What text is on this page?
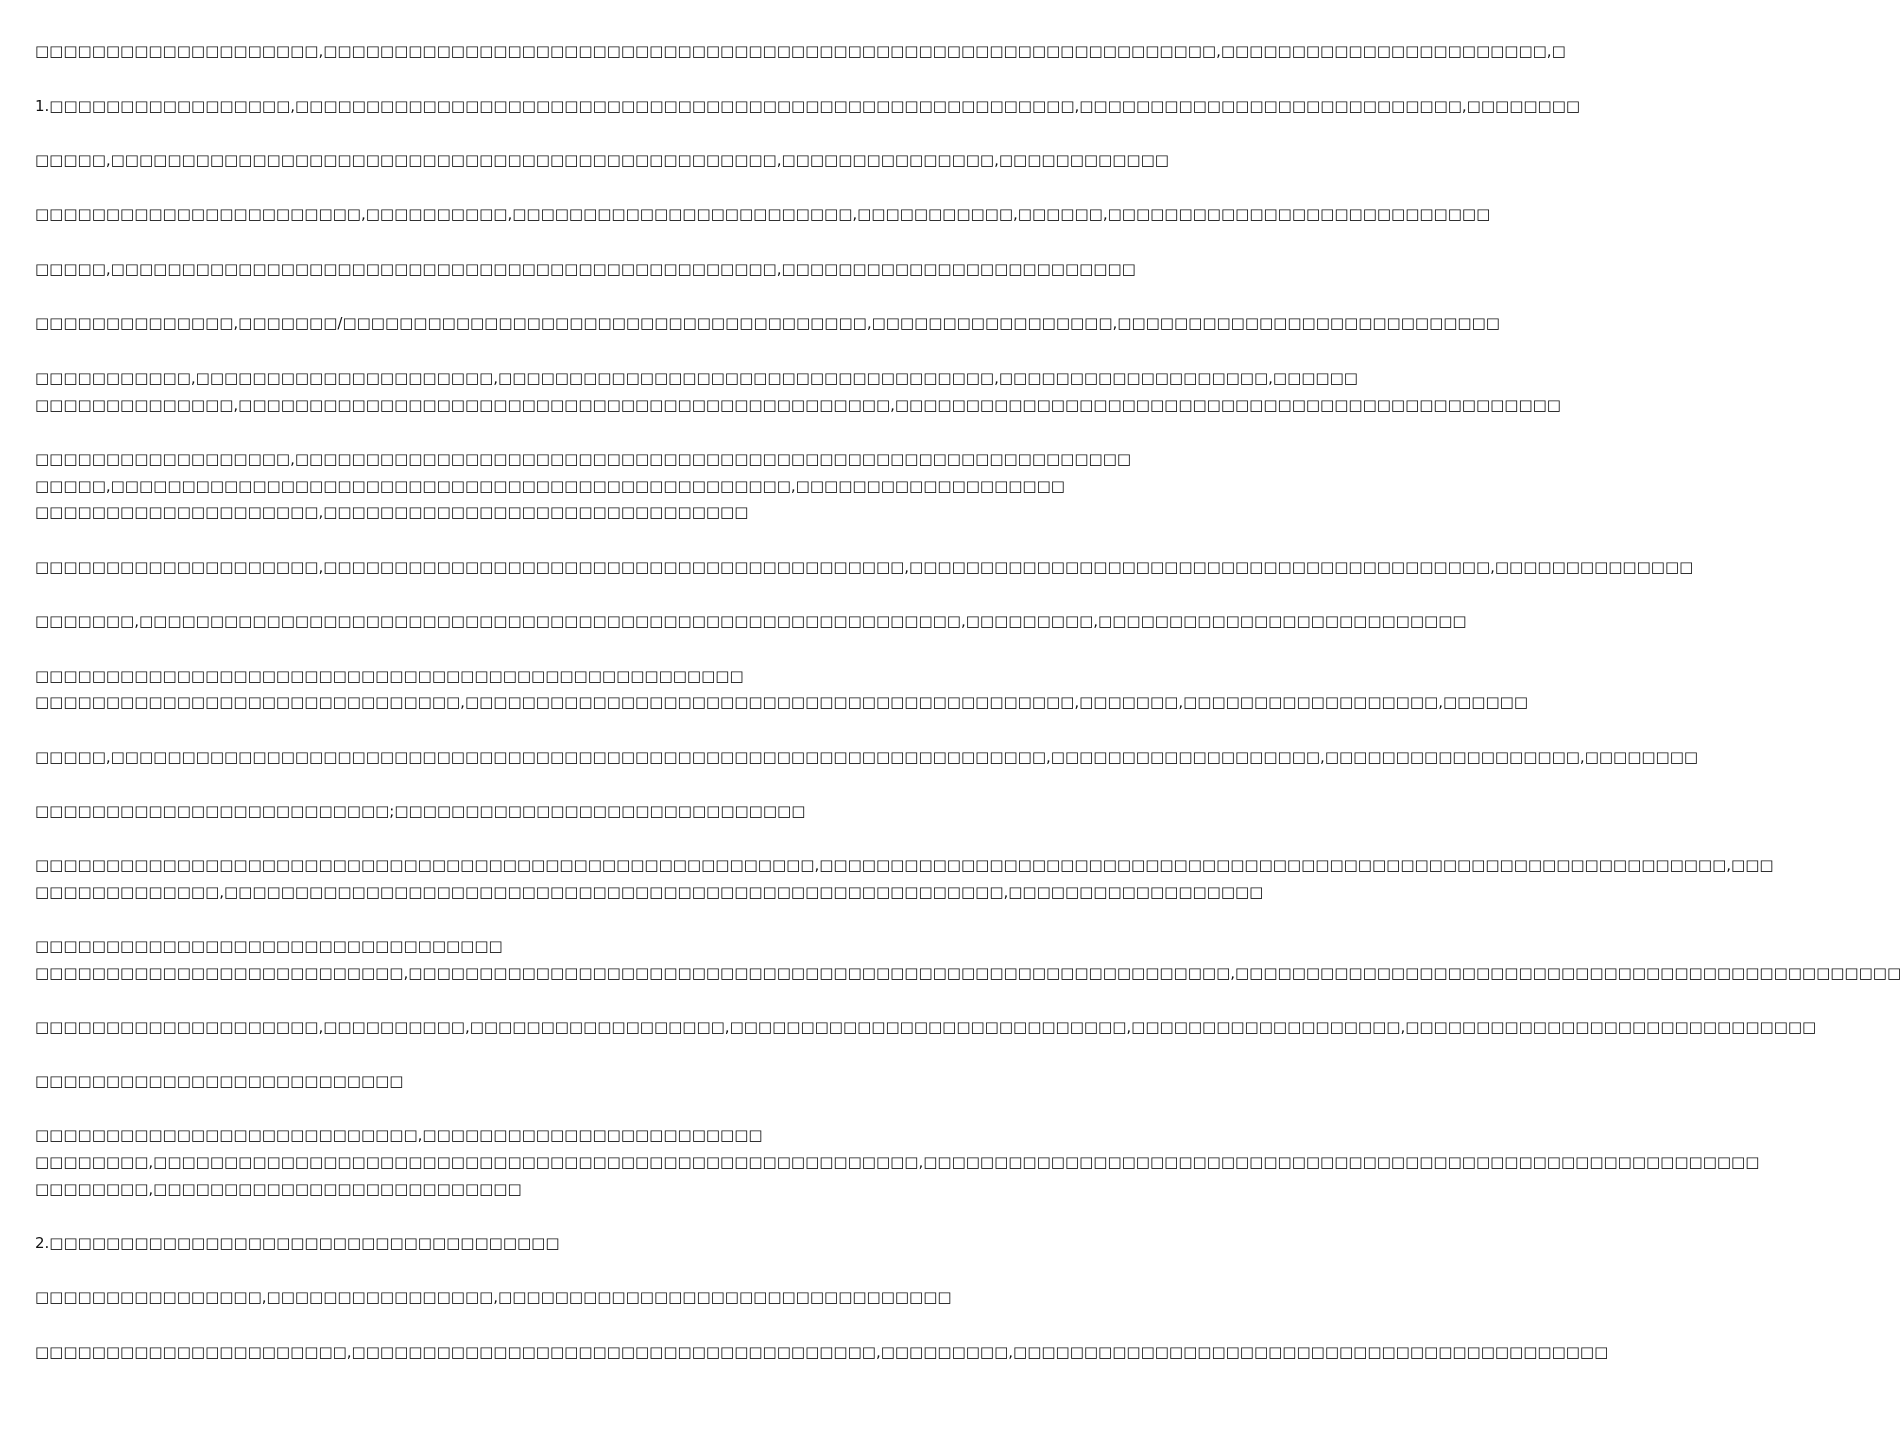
□□□□□□□□□□□□□□□□□□□□,□□□□□□□□□□□□□□□□□□□□□□□□□□□□□□□□□□□□□□□□□□□□□□□□□□□□□□□□□□□□□□□,□□□□□□□□□□□□□□□□□□□□□□□,□
1.□□□□□□□□□□□□□□□□□,□□□□□□□□□□□□□□□□□□□□□□□□□□□□□□□□□□□□□□□□□□□□□□□□□□□□□□□,□□□□□□□□□□□□□□□□□□□□□□□□□□□,□□□□□□□□
□□□□□,□□□□□□□□□□□□□□□□□□□□□□□□□□□□□□□□□□□□□□□□□□□□□□□,□□□□□□□□□□□□□□□,□□□□□□□□□□□□
□□□□□□□□□□□□□□□□□□□□□□□,□□□□□□□□□□,□□□□□□□□□□□□□□□□□□□□□□□□,□□□□□□□□□□□,□□□□□□,□□□□□□□□□□□□□□□□□□□□□□□□□□□
□□□□□,□□□□□□□□□□□□□□□□□□□□□□□□□□□□□□□□□□□□□□□□□□□□□□□,□□□□□□□□□□□□□□□□□□□□□□□□□
□□□□□□□□□□□□□□,□□□□□□□/□□□□□□□□□□□□□□□□□□□□□□□□□□□□□□□□□□□□□,□□□□□□□□□□□□□□□□□,□□□□□□□□□□□□□□□□□□□□□□□□□□□
□□□□□□□□□□□,□□□□□□□□□□□□□□□□□□□□□,□□□□□□□□□□□□□□□□□□□□□□□□□□□□□□□□□□□,□□□□□□□□□□□□□□□□□□□,□□□□□□
□□□□□□□□□□□□□□,□□□□□□□□□□□□□□□□□□□□□□□□□□□□□□□□□□□□□□□□□□□□□□,□□□□□□□□□□□□□□□□□□□□□□□□□□□□□□□□□□□□□□□□□□□□□□□
□□□□□□□□□□□□□□□□□□,□□□□□□□□□□□□□□□□□□□□□□□□□□□□□□□□□□□□□□□□□□□□□□□□□□□□□□□□□□□
□□□□□,□□□□□□□□□□□□□□□□□□□□□□□□□□□□□□□□□□□□□□□□□□□□□□□□,□□□□□□□□□□□□□□□□□□□
□□□□□□□□□□□□□□□□□□□□,□□□□□□□□□□□□□□□□□□□□□□□□□□□□□□
□□□□□□□□□□□□□□□□□□□□,□□□□□□□□□□□□□□□□□□□□□□□□□□□□□□□□□□□□□□□□□,□□□□□□□□□□□□□□□□□□□□□□□□□□□□□□□□□□□□□□□□□,□□□□□□□□□□□□□□
□□□□□□□,□□□□□□□□□□□□□□□□□□□□□□□□□□□□□□□□□□□□□□□□□□□□□□□□□□□□□□□□□□,□□□□□□□□□,□□□□□□□□□□□□□□□□□□□□□□□□□□
□□□□□□□□□□□□□□□□□□□□□□□□□□□□□□□□□□□□□□□□□□□□□□□□□□
□□□□□□□□□□□□□□□□□□□□□□□□□□□□□□,□□□□□□□□□□□□□□□□□□□□□□□□□□□□□□□□□□□□□□□□□□□,□□□□□□□,□□□□□□□□□□□□□□□□□□,□□□□□□
□□□□□,□□□□□□□□□□□□□□□□□□□□□□□□□□□□□□□□□□□□□□□□□□□□□□□□□□□□□□□□□□□□□□□□□□,□□□□□□□□□□□□□□□□□□□,□□□□□□□□□□□□□□□□□□,□□□□□□□□
□□□□□□□□□□□□□□□□□□□□□□□□□;□□□□□□□□□□□□□□□□□□□□□□□□□□□□□
□□□□□□□□□□□□□□□□□□□□□□□□□□□□□□□□□□□□□□□□□□□□□□□□□□□□□□□,□□□□□□□□□□□□□□□□□□□□□□□□□□□□□□□□□□□□□□□□□□□□□□□□□□□□□□□□□□□□□□□□,□□□
□□□□□□□□□□□□□,□□□□□□□□□□□□□□□□□□□□□□□□□□□□□□□□□□□□□□□□□□□□□□□□□□□□□□□,□□□□□□□□□□□□□□□□□□
□□□□□□□□□□□□□□□□□□□□□□□□□□□□□□□□□
□□□□□□□□□□□□□□□□□□□□□□□□□□,□□□□□□□□□□□□□□□□□□□□□□□□□□□□□□□□□□□□□□□□□□□□□□□□□□□□□□□□□□,□□□□□□□□□□□□□□□□□□□□□□□□□□□□□□□□□□□□□□□□□□□□□□□
□□□□□□□□□□□□□□□□□□□□,□□□□□□□□□□,□□□□□□□□□□□□□□□□□□,□□□□□□□□□□□□□□□□□□□□□□□□□□□□,□□□□□□□□□□□□□□□□□□□,□□□□□□□□□□□□□□□□□□□□□□□□□□□□□
□□□□□□□□□□□□□□□□□□□□□□□□□□
□□□□□□□□□□□□□□□□□□□□□□□□□□□,□□□□□□□□□□□□□□□□□□□□□□□□
□□□□□□□□,□□□□□□□□□□□□□□□□□□□□□□□□□□□□□□□□□□□□□□□□□□□□□□□□□□□□□□,□□□□□□□□□□□□□□□□□□□□□□□□□□□□□□□□□□□□□□□□□□□□□□□□□□□□□□□□□□□
□□□□□□□□,□□□□□□□□□□□□□□□□□□□□□□□□□□
2.□□□□□□□□□□□□□□□□□□□□□□□□□□□□□□□□□□□□
□□□□□□□□□□□□□□□□,□□□□□□□□□□□□□□□□,□□□□□□□□□□□□□□□□□□□□□□□□□□□□□□□□
□□□□□□□□□□□□□□□□□□□□□□,□□□□□□□□□□□□□□□□□□□□□□□□□□□□□□□□□□□□□,□□□□□□□□□,□□□□□□□□□□□□□□□□□□□□□□□□□□□□□□□□□□□□□□□□□□
